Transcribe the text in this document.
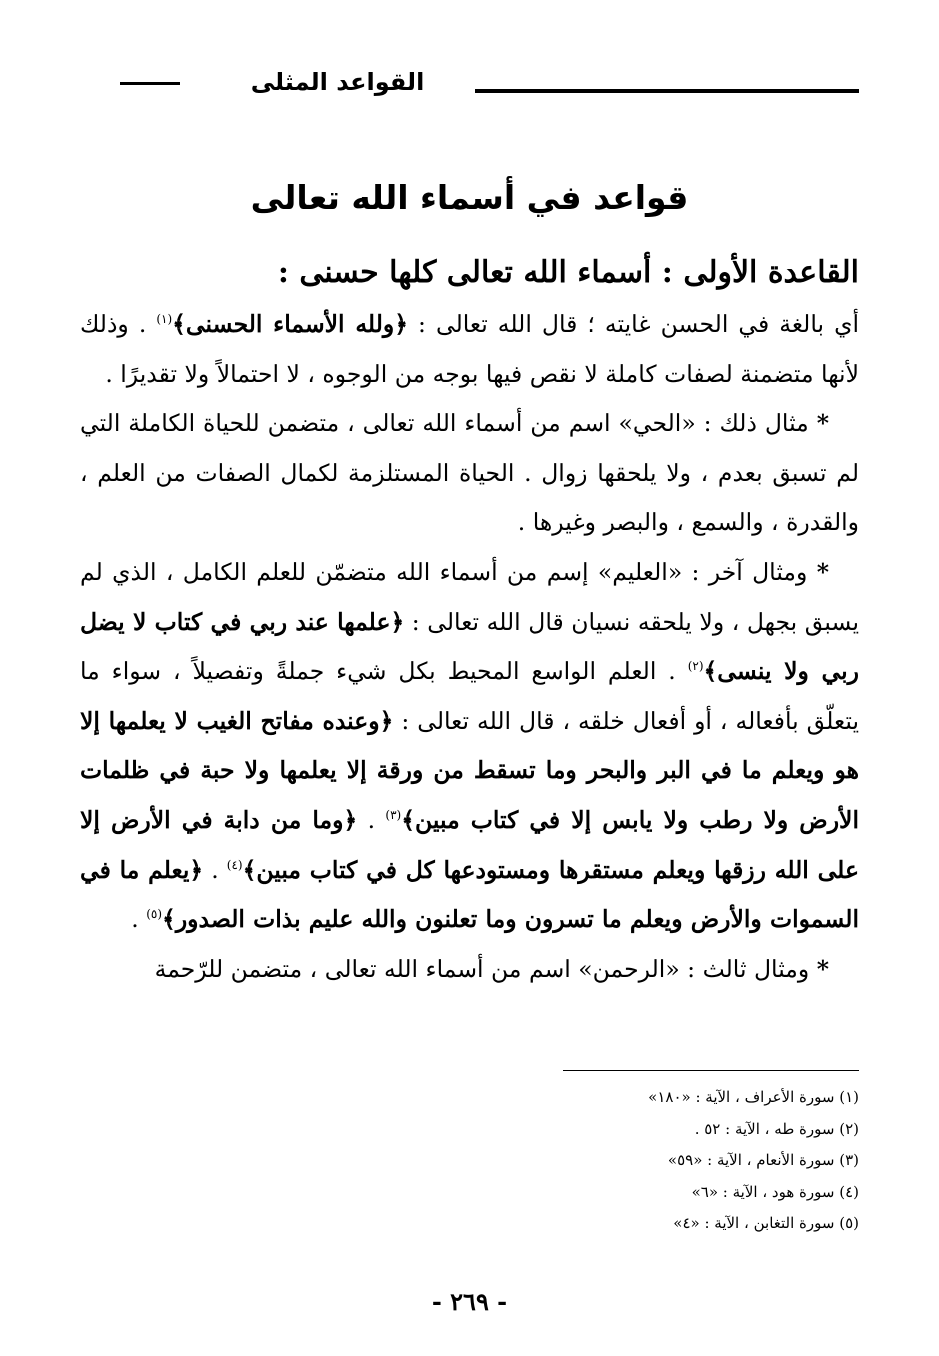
القواعد المثلى
قواعد في أسماء الله تعالى
القاعدة الأولى : أسماء الله تعالى كلها حسنى :

أي بالغة في الحسن غايته ؛ قال الله تعالى : ﴿ولله الأسماء الحسنى﴾$^{(١)}$ . وذلك لأنها متضمنة لصفات كاملة لا نقص فيها بوجه من الوجوه ، لا احتمالاً ولا تقديرًا .

* مثال ذلك : «الحي» اسم من أسماء الله تعالى ، متضمن للحياة الكاملة التي لم تسبق بعدم ، ولا يلحقها زوال . الحياة المستلزمة لكمال الصفات من العلم ، والقدرة ، والسمع ، والبصر وغيرها .

* ومثال آخر : «العليم» إسم من أسماء الله متضمّن للعلم الكامل ، الذي لم يسبق بجهل ، ولا يلحقه نسيان قال الله تعالى : ﴿علمها عند ربي في كتاب لا يضل ربي ولا ينسى﴾$^{(٢)}$ . العلم الواسع المحيط بكل شيء جملةً وتفصيلاً ، سواء ما يتعلّق بأفعاله ، أو أفعال خلقه ، قال الله تعالى : ﴿وعنده مفاتح الغيب لا يعلمها إلا هو ويعلم ما في البر والبحر وما تسقط من ورقة إلا يعلمها ولا حبة في ظلمات الأرض ولا رطب ولا يابس إلا في كتاب مبين﴾$^{(٣)}$ . ﴿وما من دابة في الأرض إلا على الله رزقها ويعلم مستقرها ومستودعها كل في كتاب مبين﴾$^{(٤)}$ . ﴿يعلم ما في السموات والأرض ويعلم ما تسرون وما تعلنون والله عليم بذات الصدور﴾$^{(٥)}$ .

* ومثال ثالث : «الرحمن» اسم من أسماء الله تعالى ، متضمن للرّحمة

(١) سورة الأعراف ، الآية : «١٨٠»
(٢) سورة طه ، الآية : ٥٢ .
(٣) سورة الأنعام ، الآية : «٥٩»
(٤) سورة هود ، الآية : «٦»
(٥) سورة التغابن ، الآية : «٤»
- ٢٦٩ -
